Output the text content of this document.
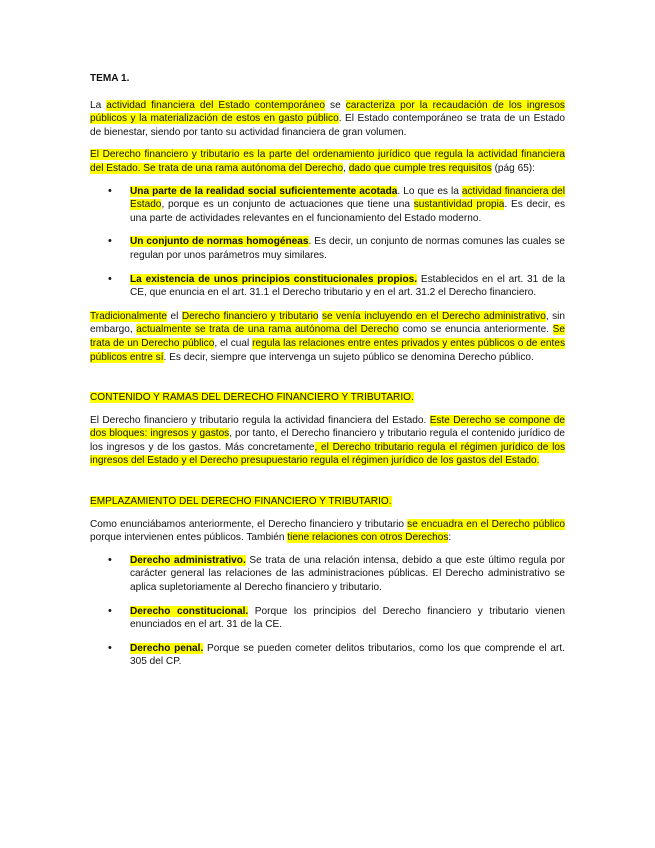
TEMA 1.

La actividad financiera del Estado contemporáneo se caracteriza por la recaudación de los ingresos públicos y la materialización de estos en gasto público. El Estado contemporáneo se trata de un Estado de bienestar, siendo por tanto su actividad financiera de gran volumen.

El Derecho financiero y tributario es la parte del ordenamiento jurídico que regula la actividad financiera del Estado. Se trata de una rama autónoma del Derecho, dado que cumple tres requisitos (pág 65):

• Una parte de la realidad social suficientemente acotada. Lo que es la actividad financiera del Estado, porque es un conjunto de actuaciones que tiene una sustantividad propia. Es decir, es una parte de actividades relevantes en el funcionamiento del Estado moderno.
• Un conjunto de normas homogéneas. Es decir, un conjunto de normas comunes las cuales se regulan por unos parámetros muy similares.
• La existencia de unos principios constitucionales propios. Establecidos en el art. 31 de la CE, que enuncia en el art. 31.1 el Derecho tributario y en el art. 31.2 el Derecho financiero.

Tradicionalmente el Derecho financiero y tributario se venía incluyendo en el Derecho administrativo, sin embargo, actualmente se trata de una rama autónoma del Derecho como se enuncia anteriormente. Se trata de un Derecho público, el cual regula las relaciones entre entes privados y entes públicos o de entes públicos entre sí. Es decir, siempre que intervenga un sujeto público se denomina Derecho público.

CONTENIDO Y RAMAS DEL DERECHO FINANCIERO Y TRIBUTARIO.

El Derecho financiero y tributario regula la actividad financiera del Estado. Este Derecho se compone de dos bloques: ingresos y gastos, por tanto, el Derecho financiero y tributario regula el contenido jurídico de los ingresos y de los gastos. Más concretamente, el Derecho tributario regula el régimen jurídico de los ingresos del Estado y el Derecho presupuestario regula el régimen jurídico de los gastos del Estado.

EMPLAZAMIENTO DEL DERECHO FINANCIERO Y TRIBUTARIO.

Como enunciábamos anteriormente, el Derecho financiero y tributario se encuadra en el Derecho público porque intervienen entes públicos. También tiene relaciones con otros Derechos:

• Derecho administrativo. Se trata de una relación intensa, debido a que este último regula por carácter general las relaciones de las administraciones públicas. El Derecho administrativo se aplica supletoriamente al Derecho financiero y tributario.
• Derecho constitucional. Porque los principios del Derecho financiero y tributario vienen enunciados en el art. 31 de la CE.
• Derecho penal. Porque se pueden cometer delitos tributarios, como los que comprende el art. 305 del CP.
